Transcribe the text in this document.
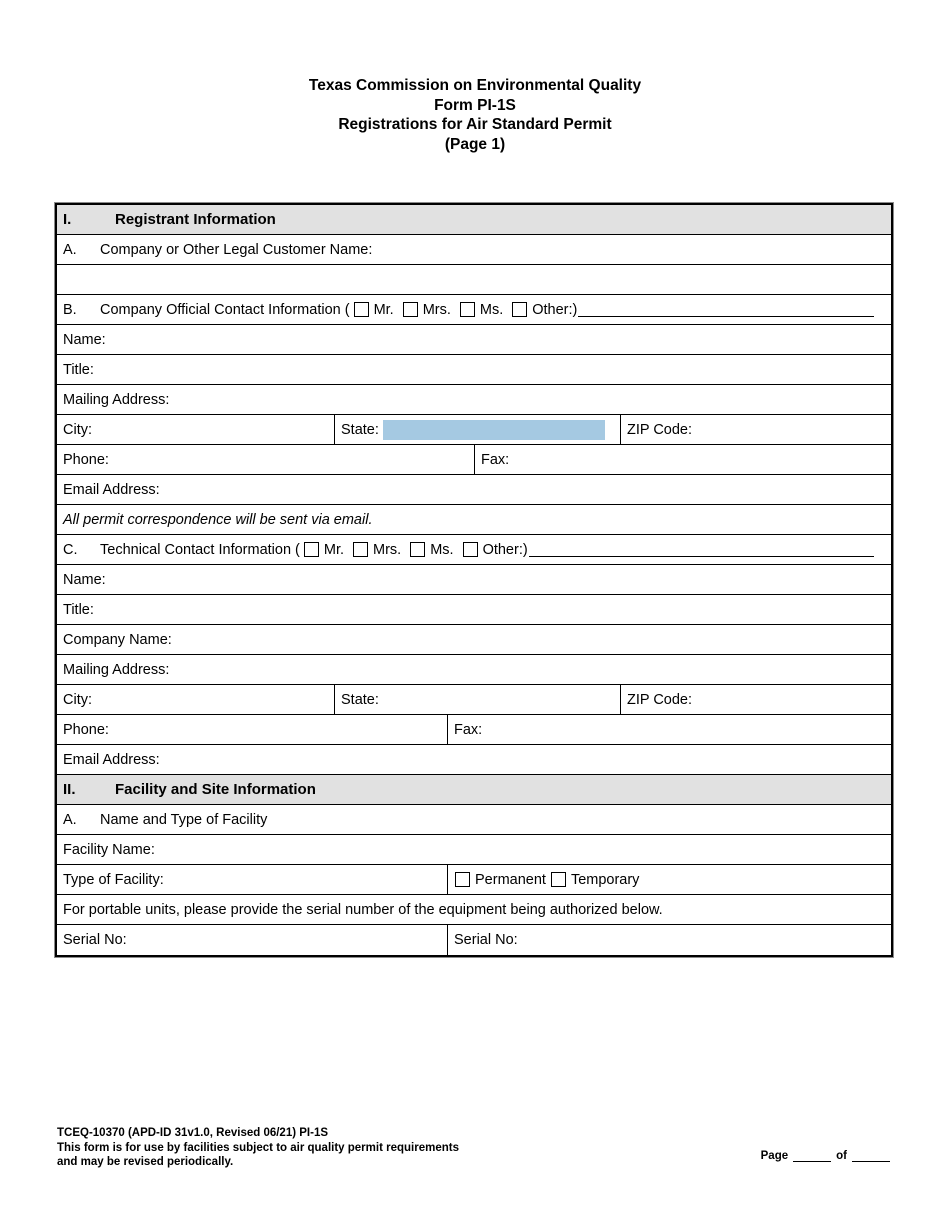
Texas Commission on Environmental Quality
Form PI-1S
Registrations for Air Standard Permit
(Page 1)
I.	Registrant Information
A.	Company or Other Legal Customer Name:
B.	Company Official Contact Information ( Mr. Mrs. Ms. Other:)
Name:
Title:
Mailing Address:
City:	State:	ZIP Code:
Phone:	Fax:
Email Address:
All permit correspondence will be sent via email.
C.	Technical Contact Information ( Mr. Mrs. Ms. Other:)
Name:
Title:
Company Name:
Mailing Address:
City:	State:	ZIP Code:
Phone:	Fax:
Email Address:
II.	Facility and Site Information
A.	Name and Type of Facility
Facility Name:
Type of Facility:	Permanent Temporary
For portable units, please provide the serial number of the equipment being authorized below.
Serial No:	Serial No:
TCEQ-10370 (APD-ID 31v1.0, Revised 06/21) PI-1S
This form is for use by facilities subject to air quality permit requirements
and may be revised periodically.	Page	of
